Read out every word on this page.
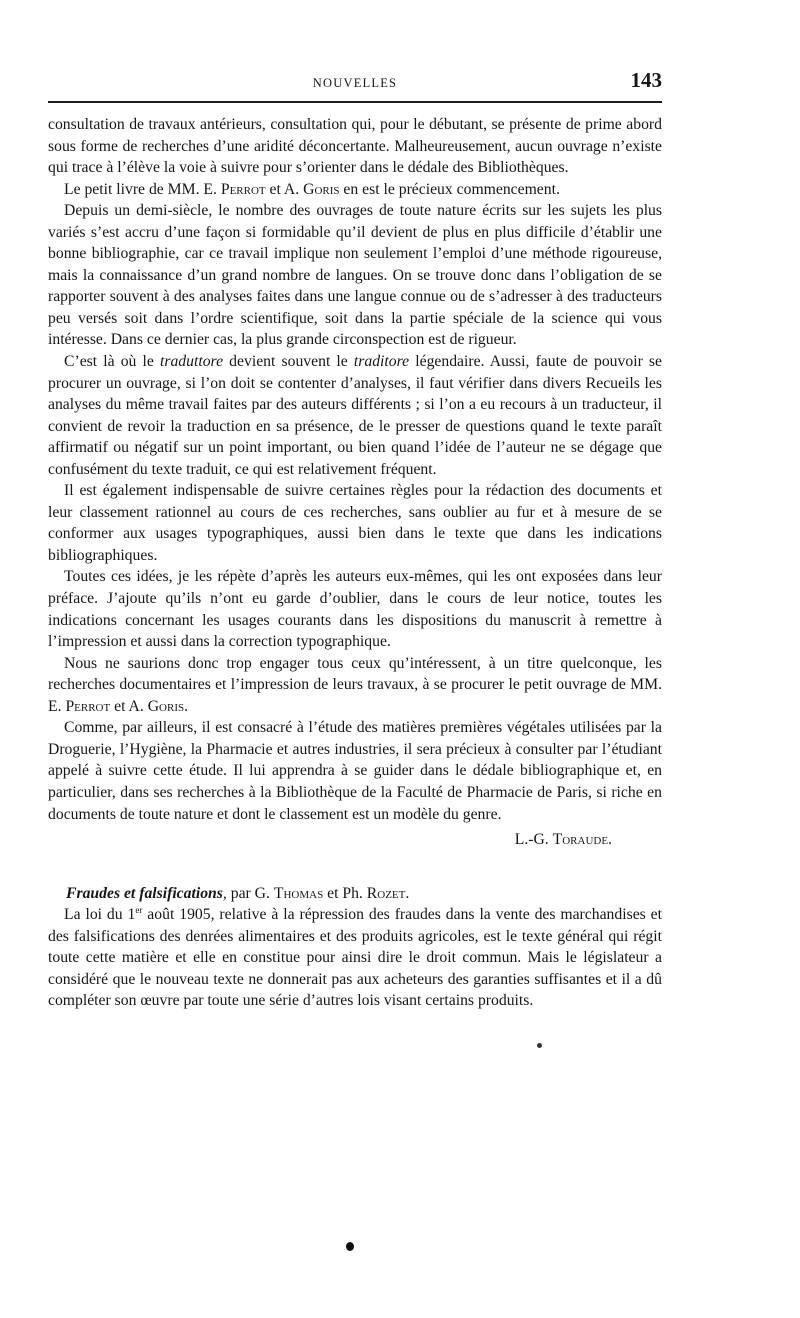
NOUVELLES	143

consultation de travaux antérieurs, consultation qui, pour le débutant, se présente de prime abord sous forme de recherches d’une aridité déconcertante. Malheureusement, aucun ouvrage n’existe qui trace à l’élève la voie à suivre pour s’orienter dans le dédale des Bibliothèques.

Le petit livre de MM. E. Perrot et A. Goris en est le précieux commencement.

Depuis un demi-siècle, le nombre des ouvrages de toute nature écrits sur les sujets les plus variés s’est accru d’une façon si formidable qu’il devient de plus en plus difficile d’établir une bonne bibliographie, car ce travail implique non seulement l’emploi d’une méthode rigoureuse, mais la connaissance d’un grand nombre de langues. On se trouve donc dans l’obligation de se rapporter souvent à des analyses faites dans une langue connue ou de s’adresser à des traducteurs peu versés soit dans l’ordre scientifique, soit dans la partie spéciale de la science qui vous intéresse. Dans ce dernier cas, la plus grande circonspection est de rigueur.

C’est là où le traduttore devient souvent le traditore légendaire. Aussi, faute de pouvoir se procurer un ouvrage, si l’on doit se contenter d’analyses, il faut vérifier dans divers Recueils les analyses du même travail faites par des auteurs différents ; si l’on a eu recours à un traducteur, il convient de revoir la traduction en sa présence, de le presser de questions quand le texte paraît affirmatif ou négatif sur un point important, ou bien quand l’idée de l’auteur ne se dégage que confusément du texte traduit, ce qui est relativement fréquent.

Il est également indispensable de suivre certaines règles pour la rédaction des documents et leur classement rationnel au cours de ces recherches, sans oublier au fur et à mesure de se conformer aux usages typographiques, aussi bien dans le texte que dans les indications bibliographiques.

Toutes ces idées, je les répète d’après les auteurs eux-mêmes, qui les ont exposées dans leur préface. J’ajoute qu’ils n’ont eu garde d’oublier, dans le cours de leur notice, toutes les indications concernant les usages courants dans les dispositions du manuscrit à remettre à l’impression et aussi dans la correction typographique.

Nous ne saurions donc trop engager tous ceux qu’intéressent, à un titre quelconque, les recherches documentaires et l’impression de leurs travaux, à se procurer le petit ouvrage de MM. E. Perrot et A. Goris.

Comme, par ailleurs, il est consacré à l’étude des matières premières végétales utilisées par la Droguerie, l’Hygiène, la Pharmacie et autres industries, il sera précieux à consulter par l’étudiant appelé à suivre cette étude. Il lui apprendra à se guider dans le dédale bibliographique et, en particulier, dans ses recherches à la Bibliothèque de la Faculté de Pharmacie de Paris, si riche en documents de toute nature et dont le classement est un modèle du genre.

L.-G. Toraude.

Fraudes et falsifications, par G. Thomas et Ph. Rozet.

La loi du 1er août 1905, relative à la répression des fraudes dans la vente des marchandises et des falsifications des denrées alimentaires et des produits agricoles, est le texte général qui régit toute cette matière et elle en constitue pour ainsi dire le droit commun. Mais le législateur a considéré que le nouveau texte ne donnerait pas aux acheteurs des garanties suffisantes et il a dû compléter son œuvre par toute une série d’autres lois visant certains produits.
